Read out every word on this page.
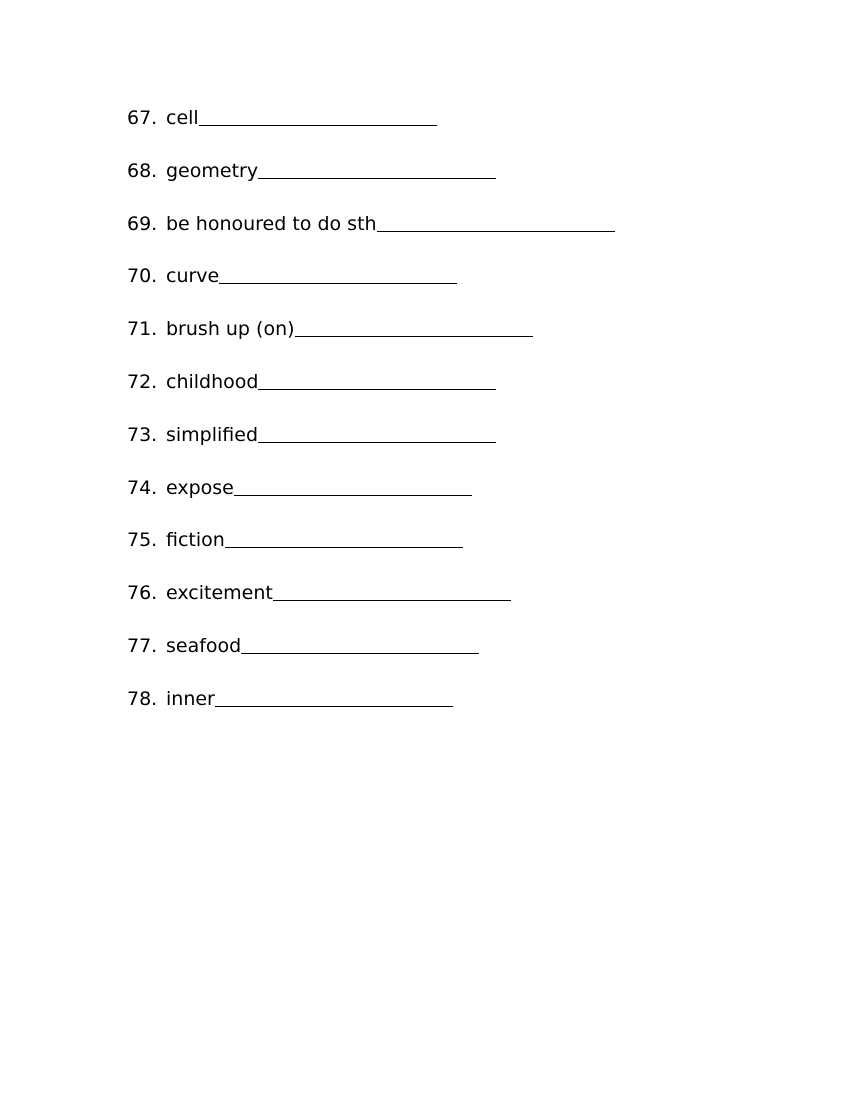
67. cell
68. geometry
69. be honoured to do sth
70. curve
71. brush up (on)
72. childhood
73. simplified
74. expose
75. fiction
76. excitement
77. seafood
78. inner
